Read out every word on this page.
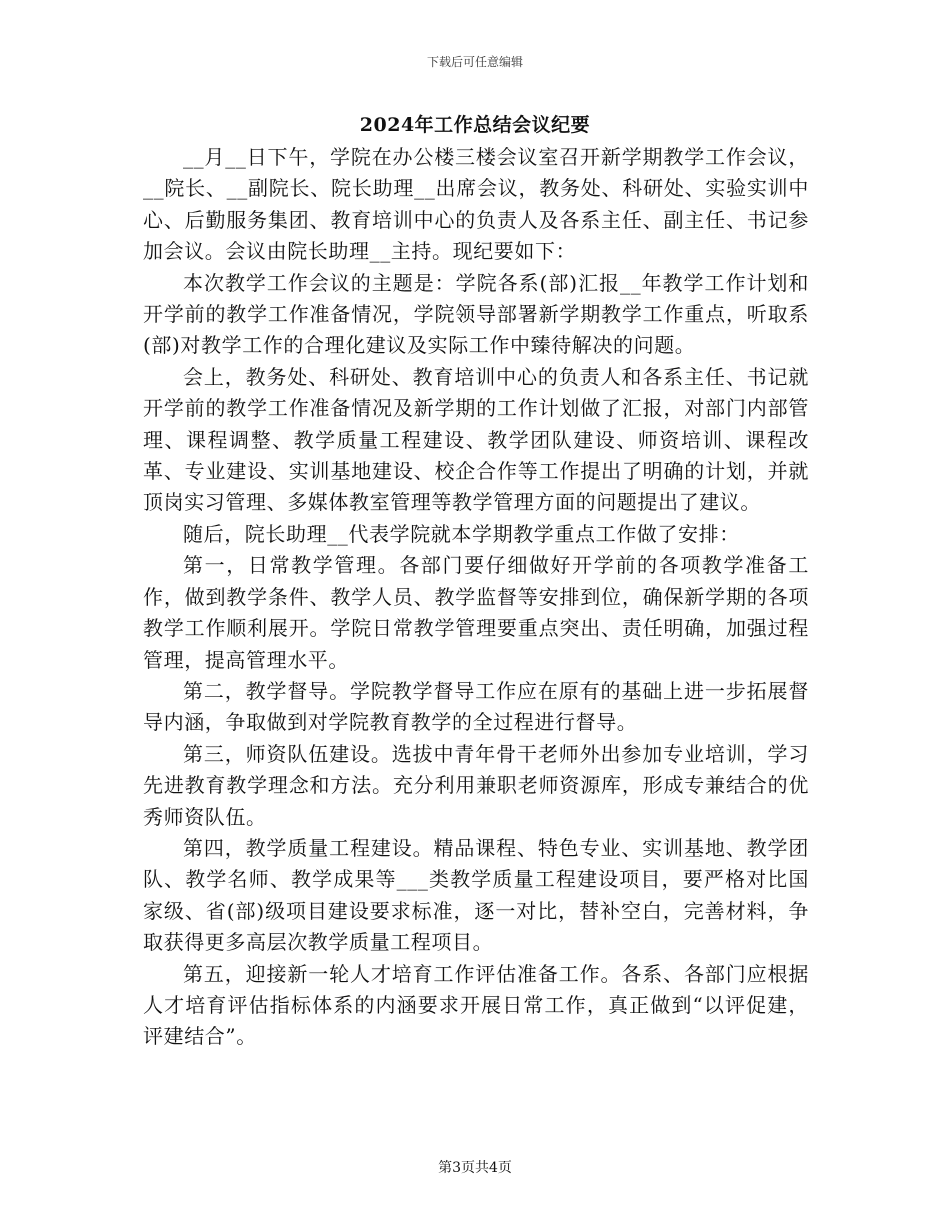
下载后可任意编辑
2024年工作总结会议纪要

__月__日下午，学院在办公楼三楼会议室召开新学期教学工作会议，__院长、__副院长、院长助理__出席会议，教务处、科研处、实验实训中心、后勤服务集团、教育培训中心的负责人及各系主任、副主任、书记参加会议。会议由院长助理__主持。现纪要如下：

本次教学工作会议的主题是：学院各系(部)汇报__年教学工作计划和开学前的教学工作准备情况，学院领导部署新学期教学工作重点，听取系(部)对教学工作的合理化建议及实际工作中臻待解决的问题。

会上，教务处、科研处、教育培训中心的负责人和各系主任、书记就开学前的教学工作准备情况及新学期的工作计划做了汇报，对部门内部管理、课程调整、教学质量工程建设、教学团队建设、师资培训、课程改革、专业建设、实训基地建设、校企合作等工作提出了明确的计划，并就顶岗实习管理、多媒体教室管理等教学管理方面的问题提出了建议。

随后，院长助理__代表学院就本学期教学重点工作做了安排：

第一，日常教学管理。各部门要仔细做好开学前的各项教学准备工作，做到教学条件、教学人员、教学监督等安排到位，确保新学期的各项教学工作顺利展开。学院日常教学管理要重点突出、责任明确，加强过程管理，提高管理水平。

第二，教学督导。学院教学督导工作应在原有的基础上进一步拓展督导内涵，争取做到对学院教育教学的全过程进行督导。

第三，师资队伍建设。选拔中青年骨干老师外出参加专业培训，学习先进教育教学理念和方法。充分利用兼职老师资源库，形成专兼结合的优秀师资队伍。

第四，教学质量工程建设。精品课程、特色专业、实训基地、教学团队、教学名师、教学成果等___类教学质量工程建设项目，要严格对比国家级、省(部)级项目建设要求标准，逐一对比，替补空白，完善材料，争取获得更多高层次教学质量工程项目。

第五，迎接新一轮人才培育工作评估准备工作。各系、各部门应根据人才培育评估指标体系的内涵要求开展日常工作，真正做到“以评促建，评建结合”。

第3页共4页
